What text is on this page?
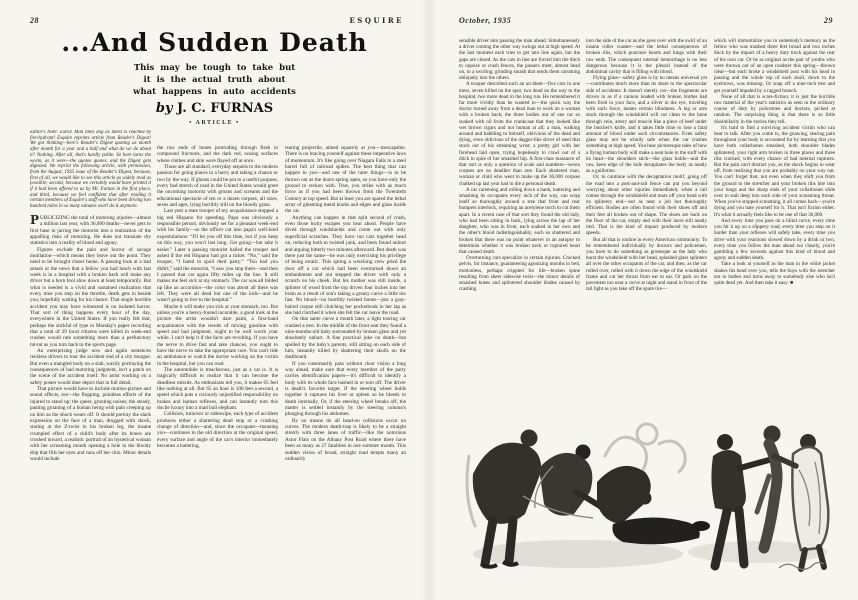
28	ESQUIRE
...And Sudden Death
This may be tough to take but
it is the actual truth about
what happens in auto accidents
by J. C. FURNAS
• ARTICLE •
Editor's Note: Extra! Man bites dog as latest is reached by fire-hydrant! Esquire reprints article from Reader's Digest! We got thinking—here's Reader's Digest quoting us month after month for a year and a half and what do we do about it? Nothing. After all, that's hardly polite. So here turns the worm, as it were—the quotee quotes, and the Digest gets digested. We reprint the following article, with permission, from the August, 1935 issue of the Reader's Digest, because, first of all, we would like to see this article as widely read as possible; second, because we certainly would have printed it if it had been offered to us by Mr. Furnas in the first place, and third, because we feel confident that after reading it certain members of Esquire's staff who have been driving two hundred miles in so many minutes won't do it anymore.

PUBLICIZING the total of motoring injuries—almost a million last year, with 36,000 deaths—never gets to first base in jarring the motorist into a realization of the appalling risks of motoring. He does not translate dry statistics into a reality of blood and agony.

Figures exclude the pain and horror of savage mutilation—which means they leave out the point. They need to be brought closer home. A passing look at a bad smash or the news that a fellow you had lunch with last week is in a hospital with a broken back will make any driver but a born fool slow down at least temporarily. But what is needed is a vivid and sustained realization that every time you step on the throttle, death gets in beside you, hopefully waiting for his chance. That single horrible accident you may have witnessed is no isolated horror. That sort of thing happens every hour of the day, everywhere in the United States. If you really felt that, perhaps the stickful of type in Monday's paper recording that a total of 29 local citizens were killed in week-end crashes would rate something more than a perfunctory tut-tut as you turn back to the sports page.

An enterprising judge now and again sentences reckless drivers to tour the accident end of a city morgue. But even a mangled body on a slab, waxily portraying the consequences of bad motoring judgment, isn't a patch on the scene of the accident itself. No artist working on a safety poster would dare depict that in full detail.

That picture would have to include motion-picture and sound effects, too—the flopping, pointless efforts of the injured to stand up; the queer, grunting noises; the steady, panting groaning of a human being with pain creeping up on him as the shock wears off. It should portray the slack expression on the face of a man, drugged with shock, staring at the Z-twist in his broken leg, the insane crumpled effect of a child's body after its bones are crushed inward, a realistic portrait of an hysterical woman with her screaming mouth opening a hole in the bloody drip that fills her eyes and runs off her chin. Minor details would include

the raw ends of bones protruding through flesh in compound fractures, and the dark red, oozing surfaces where clothes and skin were flayed off at once.

Those are all standard, everyday sequels to the modern passion for going places in a hurry and taking a chance or two by the way. If ghosts could be put to a useful purpose, every bad stretch of road in the United States would greet the oncoming motorist with groans and screams and the educational spectacle of ten or a dozen corpses, all sizes, sexes and ages, lying horribly still on the bloody grass.

Last year a state trooper of my acquaintance stopped a big red Hispano for speeding. Papa was obviously a responsible person, obviously set for a pleasant week-end with his family—so the officer cut into papa's well-bred expostulations: “I'll let you off this time, but if you keep on this way, you won't last long. Get going—but take it easier.” Later a passing motorist hailed the trooper and asked if the red Hispano had got a ticket. “No,” said the trooper, “I hated to spoil their party.” “Too bad you didn't,” said the motorist, “I saw you stop them—and then I passed that car again fifty miles up the line. It still makes me feel sick at my stomach. The car was all folded up like an accordion—the color was about all there was left. They were all dead but one of the kids—and he wasn't going to live to the hospital.”

Maybe it will make you sick at your stomach, too. But unless you're a heavy-footed incurable, a good look at the picture the artist wouldn't dare paint, a first-hand acquaintance with the results of mixing gasoline with speed and bad judgment, ought to be well worth your while. I can't help it if the facts are revolting. If you have the nerve to drive fast and take chances, you ought to have the nerve to take the appropriate cure. You can't ride an ambulance or watch the doctor working on the victim in the hospital, but you can read.

The automobile is treacherous, just as a cat is. It is tragically difficult to realize that it can become the deadliest missile. As enthusiasts tell you, it makes 65 feel like nothing at all. But 65 an hour is 100 feet a second, a speed which puts a viciously unjustified responsibility on brakes and human reflexes, and can instantly turn this docile luxury into a mad bull elephant.

Collision, turnover or sideswipe, each type of accident produces either a shattering dead stop or a crashing change of direction—and, since the occupant—meaning you—continues in the old direction at the original speed, every surface and angle of the car's interior immediately becomes a battering,

tearing projectile, aimed squarely at you—inescapable. There is no bracing yourself against these imperative laws of momentum. It's like going over Niagara Falls in a steel barrel full of railroad spikes. The best thing that can happen to you—and one of the rarer things—is to be thrown out as the doors spring open, so you have only the ground to reckon with. True, you strike with as much force as if you had been thrown from the Twentieth Century at top speed. But at least you are spared the lethal array of gleaming metal knobs and edges and glass inside the car.

Anything can happen in that split second of crash, even those lucky escapes you hear about. People have dived through windshields and come out with only superficial scratches. They have run cars together head on, reducing both to twisted junk, and been found unhurt and arguing bitterly two minutes afterward. But death was there just the same—he was only exercising his privilege of being erratic. This spring a wrecking crew pried the door off a car which had been overturned down an embankment and out stepped the driver with only a scratch on his cheek. But his mother was still inside, a splinter of wood from the top driven four inches into her brain as a result of son's taking a greasy curve a little too fast. No blood—no horribly twisted bones—just a gray-haired corpse still clutching her pocketbook in her lap as she had clutched it when she felt the car leave the road.

On that same curve a month later, a light touring car crashed a tree. In the middle of the front seat they found a nine-months-old baby surrounded by broken glass and yet absolutely unhurt. A fine practical joke on death—but spoiled by the baby's parents, still sitting on each side of him, instantly killed by shattering their skulls on the dashboard.

If you customarily pass without clear vision a long way ahead, make sure that every member of the party carries identification papers—it's difficult to identify a body with its whole face bashed in or torn off. The driver is death's favorite target. If the steering wheel holds together it ruptures his liver or spleen so he bleeds to death internally. Or, if the steering wheel breaks off, the matter is settled instantly by the steering column's plunging through his abdomen.

By no means do all head-on collisions occur on curves. The modern death-trap is likely to be a straight stretch with three lanes of traffic—like the notorious Astor Flats on the Albany Post Road where there have been as many as 27 fatalities in one summer month. This sudden vision of broad, straight road tempts many an ordinarily

October, 1935	29

sensible driver into passing the man ahead. Simultaneously a driver coming the other way swings out at high speed. At the last moment each tries to get into line again, but the gaps are closed. As the cars in line are forced into the ditch to capsize or crash fences, the passers meet, almost head on, in a swirling, grinding smash that sends them caroming obliquely into the others.

A trooper described such an accident—five cars in one mess, seven killed on the spot, two dead on the way to the hospital, two more dead in the long run. He remembered it far more vividly than he wanted to—the quick way the doctor turned away from a dead man to work on a woman with a broken back; the three bodies out of one car so soaked with oil from the crankcase that they looked like wet brown cigars and not human at all; a man, walking around and babbling to himself, oblivious of the dead and dying, even oblivious of the dagger-like sliver of steel that stuck out of his streaming wrist; a pretty girl with her forehead laid open, trying hopelessly to crawl out of a ditch in spite of her smashed hip. A first-class massacre of that sort is only a question of scale and numbers—seven corpses are no deadlier than one. Each shattered man, woman or child who went to make up the 36,000 corpses chalked up last year had to die a personal death.

A car careening and rolling down a bank, battering and smashing its occupants every inch of the way, can wrap itself so thoroughly around a tree that front and rear bumpers interlock, requiring an acetylene torch to cut them apart. In a recent case of that sort they found the old lady, who had been sitting in back, lying across the lap of her daughter, who was in front, each soaked in her own and the other's blood indistinguishably, each so shattered and broken that there was no point whatever in an autopsy to determine whether it was broken neck or ruptured heart that caused death.

Overturning cars specialize in certain injuries. Cracked pelvis, for instance, guaranteeing agonizing months in bed, motionless, perhaps crippled for life—broken spine resulting from sheer sidewise twist—the minor details of smashed knees and splintered shoulder blades caused by crashing

into the side of the car as she goes over with the swirl of an insane roller coaster—and the lethal consequences of broken ribs, which puncture hearts and lungs with their raw ends. The consequent internal hemorrhage is no less dangerous because it is the pleural instead of the abdominal cavity that is filling with blood.

Flying glass—safety glass is by no means universal yet—contributes much more than its share to the spectacular side of accidents. It doesn't merely cut—the fragments are driven in as if a cannon loaded with broken bottles had been fired in your face, and a sliver in the eye, traveling with such force, means certain blindness. A leg or arm stuck through the windshield will cut clean to the bone through vein, artery and muscle like a piece of beef under the butcher's knife, and it takes little time to lose a fatal amount of blood under such circumstances. Even safety glass may not be wholly safe when the car crashes something at high speed. You hear picturesque tales of how a flying human body will make a neat hole in the stuff with its head—the shoulders stick—the glass holds—and the raw, keen edge of the hole decapitates the body as neatly as a guillotine.

Or, to continue with the decapitation motif, going off the road into a post-and-rail fence can put you beyond worrying about other injuries immediately when a rail comes through the windshield and tears off your head with its splintery end—not as neat a job but thoroughly efficient. Bodies are often found with their shoes off and their feet all broken out of shape. The shoes are back on the floor of the car, empty and with their laces still neatly tied. That is the kind of impact produced by modern speeds.

But all that is routine in every American community. To be remembered individually by doctors and policemen, you have to do something as grotesque as the lady who burst the windshield with her head, splashed glass splinters all over the other occupants of the car, and then, as the car rolled over, rolled with it down the edge of the windshield frame and cut her throat from ear to ear. Or park on the pavement too near a curve at night and stand in front of the tail light as you take off the spare tire—

which will immortalize you in somebody's memory as the fellow who was mashed three feet broad and two inches thick by the impact of a heavy duty truck against the rear of his own car. Or be as original as the pair of youths who were thrown out of an open roadster this spring—thrown clear—but each broke a windshield post with his head in passing and the whole top of each skull, down to the eyebrows, was missing. Or snap off a nine-inch tree and get yourself impaled by a ragged branch.

None of all that is scare-fiction; it is just the horrible raw material of the year's statistics as seen in the ordinary course of duty by policemen and doctors, picked at random. The surprising thing is that there is so little dissimilarity in the stories they tell.

It's hard to find a surviving accident victim who can bear to talk. After you come to, the gnawing, searing pain throughout your body is accounted for by learning that you have both collarbones smashed, both shoulder blades splintered, your right arm broken in three places and three ribs cracked, with every chance of bad internal ruptures. But the pain can't distract you, as the shock begins to wear off, from realizing that you are probably on your way out. You can't forget that, not even when they shift you from the ground to the stretcher and your broken ribs bite into your lungs and the sharp ends of your collarbones slide over to stab deep into each side of your screaming throat. When you've stopped screaming, it all comes back—you're dying and you hate yourself for it. That isn't fiction either. It's what it actually feels like to be one of that 36,000.

And every time you pass on a blind curve, every time you hit it up on a slippery road, every time you step on it harder than your reflexes will safely take, every time you drive with your reactions slowed down by a drink or two, every time you follow the man ahead too closely, you're gambling a few seconds against this kind of blood and agony and sudden death.

Take a look at yourself as the man in the white jacket shakes his head over you, tells the boys with the stretcher not to bother and turns away to somebody else who isn't quite dead yet. And then take it easy. ■
